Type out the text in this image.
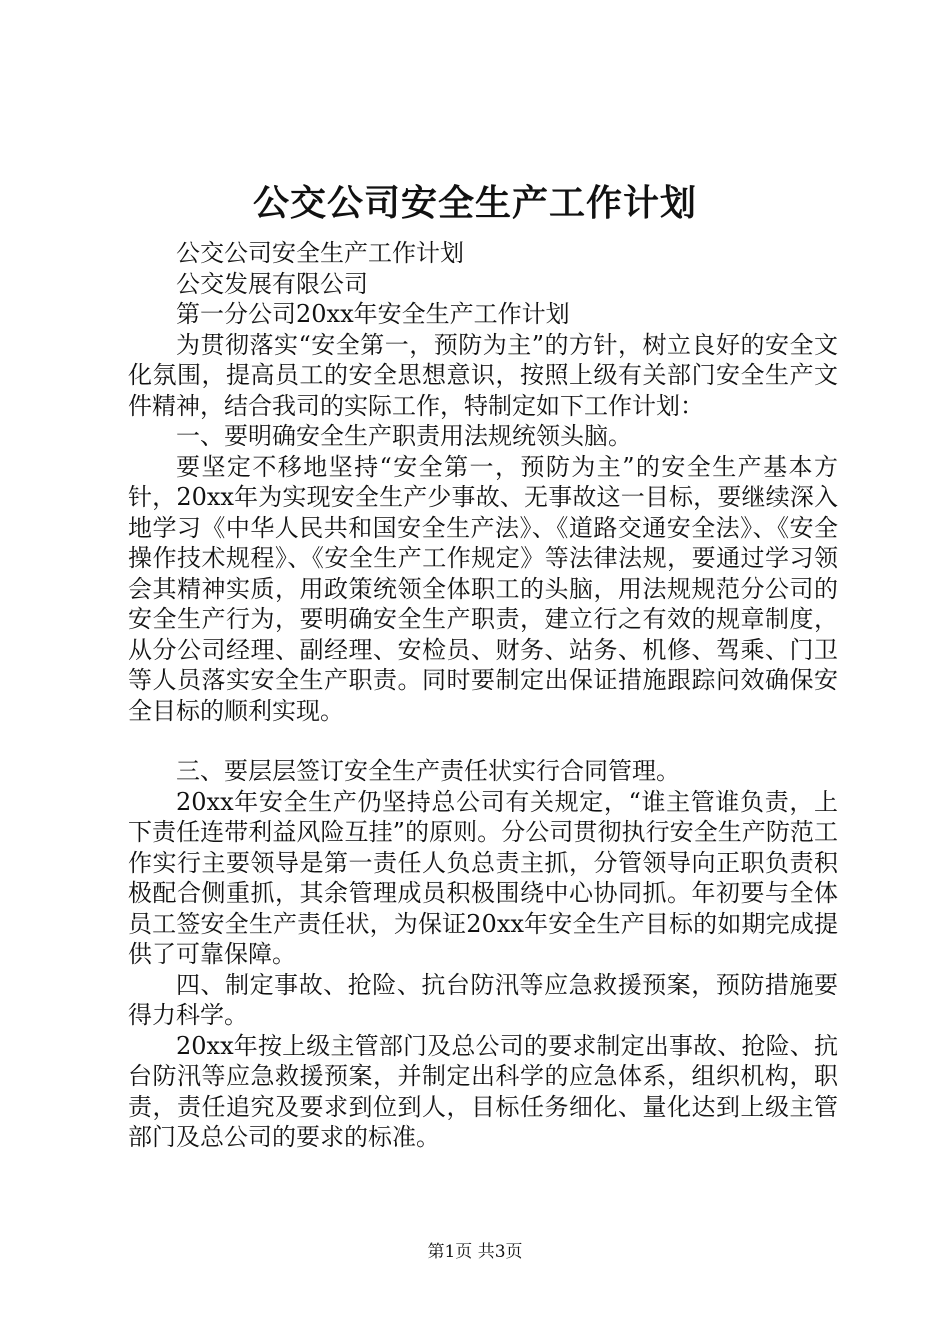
公交公司安全生产工作计划

公交公司安全生产工作计划

公交发展有限公司

第一分公司20xx年安全生产工作计划

为贯彻落实“安全第一，预防为主”的方针，树立良好的安全文化氛围，提高员工的安全思想意识，按照上级有关部门安全生产文件精神，结合我司的实际工作，特制定如下工作计划：

一、要明确安全生产职责用法规统领头脑。

要坚定不移地坚持“安全第一，预防为主”的安全生产基本方针，20xx年为实现安全生产少事故、无事故这一目标，要继续深入地学习《中华人民共和国安全生产法》、《道路交通安全法》、《安全操作技术规程》、《安全生产工作规定》等法律法规，要通过学习领会其精神实质，用政策统领全体职工的头脑，用法规规范分公司的安全生产行为，要明确安全生产职责，建立行之有效的规章制度，从分公司经理、副经理、安检员、财务、站务、机修、驾乘、门卫等人员落实安全生产职责。同时要制定出保证措施跟踪问效确保安全目标的顺利实现。

三、要层层签订安全生产责任状实行合同管理。

20xx年安全生产仍坚持总公司有关规定，“谁主管谁负责，上下责任连带利益风险互挂”的原则。分公司贯彻执行安全生产防范工作实行主要领导是第一责任人负总责主抓，分管领导向正职负责积极配合侧重抓，其余管理成员积极围绕中心协同抓。年初要与全体员工签安全生产责任状，为保证20xx年安全生产目标的如期完成提供了可靠保障。

四、制定事故、抢险、抗台防汛等应急救援预案，预防措施要得力科学。

20xx年按上级主管部门及总公司的要求制定出事故、抢险、抗台防汛等应急救援预案，并制定出科学的应急体系，组织机构，职责，责任追究及要求到位到人，目标任务细化、量化达到上级主管部门及总公司的要求的标准。

第1页 共3页
